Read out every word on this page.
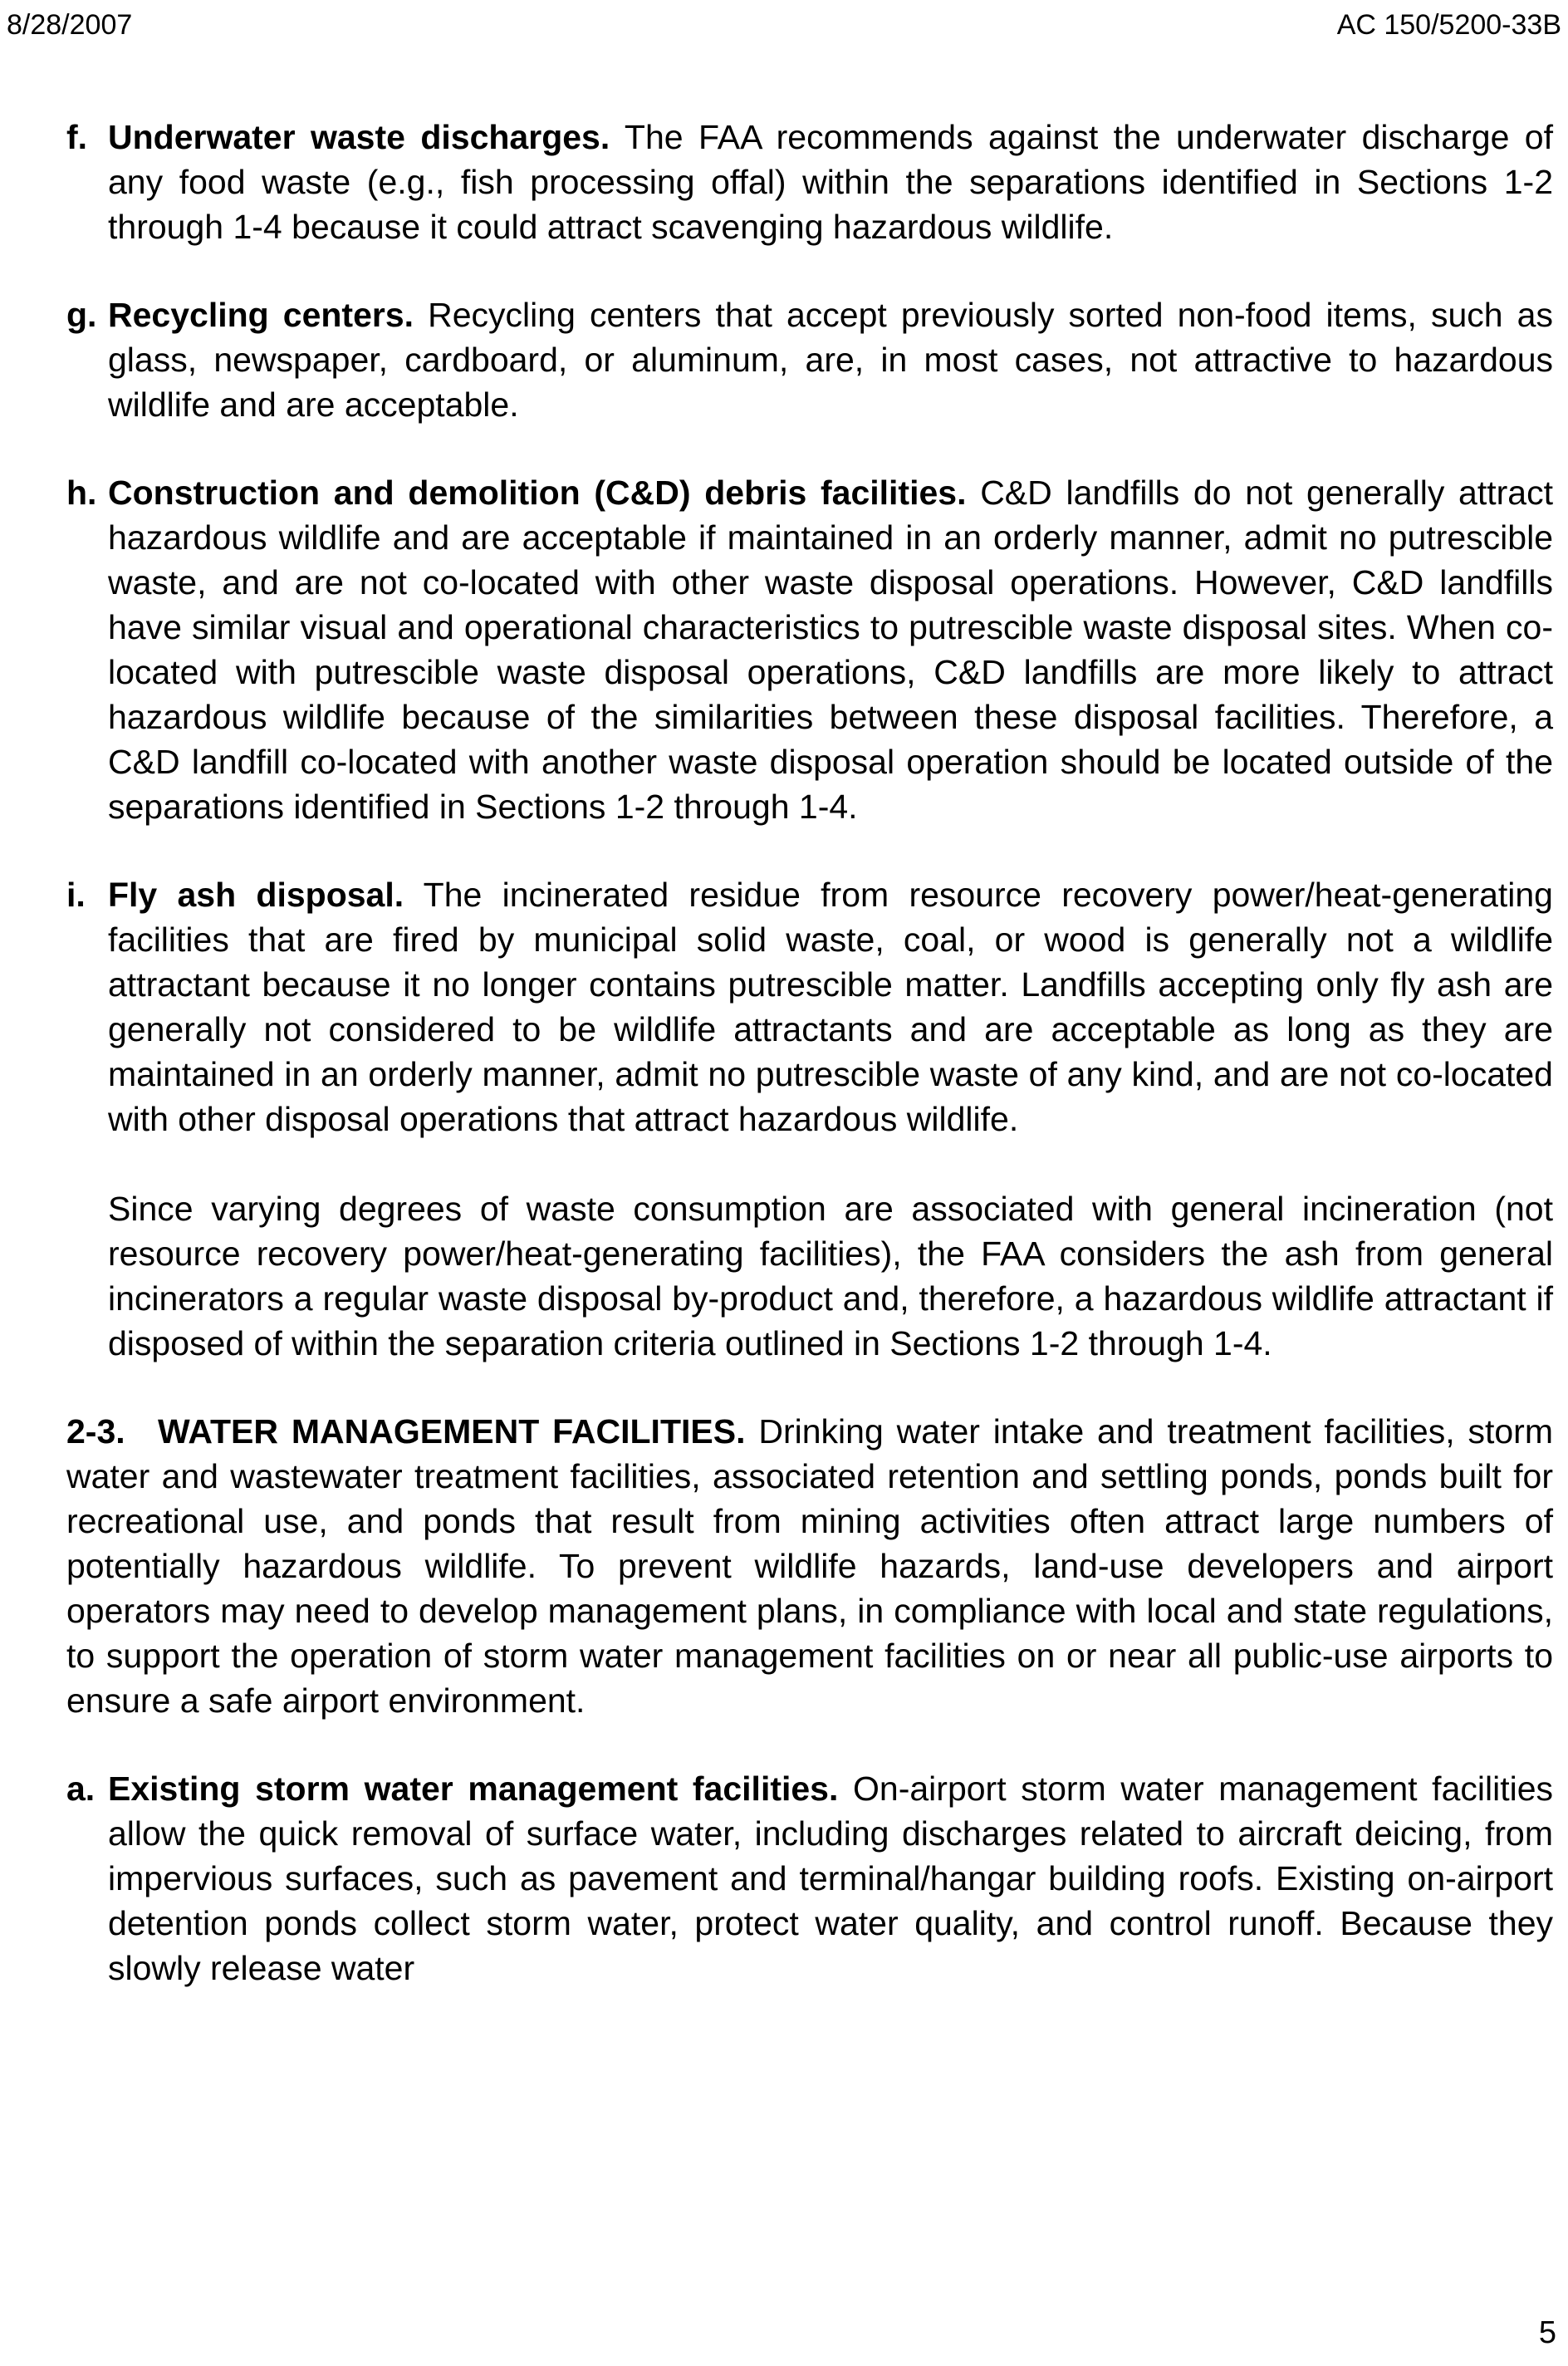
8/28/2007	AC 150/5200-33B
f. Underwater waste discharges. The FAA recommends against the underwater discharge of any food waste (e.g., fish processing offal) within the separations identified in Sections 1-2 through 1-4 because it could attract scavenging hazardous wildlife.

g. Recycling centers. Recycling centers that accept previously sorted non-food items, such as glass, newspaper, cardboard, or aluminum, are, in most cases, not attractive to hazardous wildlife and are acceptable.

h. Construction and demolition (C&D) debris facilities. C&D landfills do not generally attract hazardous wildlife and are acceptable if maintained in an orderly manner, admit no putrescible waste, and are not co-located with other waste disposal operations. However, C&D landfills have similar visual and operational characteristics to putrescible waste disposal sites. When co-located with putrescible waste disposal operations, C&D landfills are more likely to attract hazardous wildlife because of the similarities between these disposal facilities. Therefore, a C&D landfill co-located with another waste disposal operation should be located outside of the separations identified in Sections 1-2 through 1-4.

i. Fly ash disposal. The incinerated residue from resource recovery power/heat-generating facilities that are fired by municipal solid waste, coal, or wood is generally not a wildlife attractant because it no longer contains putrescible matter. Landfills accepting only fly ash are generally not considered to be wildlife attractants and are acceptable as long as they are maintained in an orderly manner, admit no putrescible waste of any kind, and are not co-located with other disposal operations that attract hazardous wildlife.

Since varying degrees of waste consumption are associated with general incineration (not resource recovery power/heat-generating facilities), the FAA considers the ash from general incinerators a regular waste disposal by-product and, therefore, a hazardous wildlife attractant if disposed of within the separation criteria outlined in Sections 1-2 through 1-4.

2-3. WATER MANAGEMENT FACILITIES. Drinking water intake and treatment facilities, storm water and wastewater treatment facilities, associated retention and settling ponds, ponds built for recreational use, and ponds that result from mining activities often attract large numbers of potentially hazardous wildlife. To prevent wildlife hazards, land-use developers and airport operators may need to develop management plans, in compliance with local and state regulations, to support the operation of storm water management facilities on or near all public-use airports to ensure a safe airport environment.

a. Existing storm water management facilities. On-airport storm water management facilities allow the quick removal of surface water, including discharges related to aircraft deicing, from impervious surfaces, such as pavement and terminal/hangar building roofs. Existing on-airport detention ponds collect storm water, protect water quality, and control runoff. Because they slowly release water

5
